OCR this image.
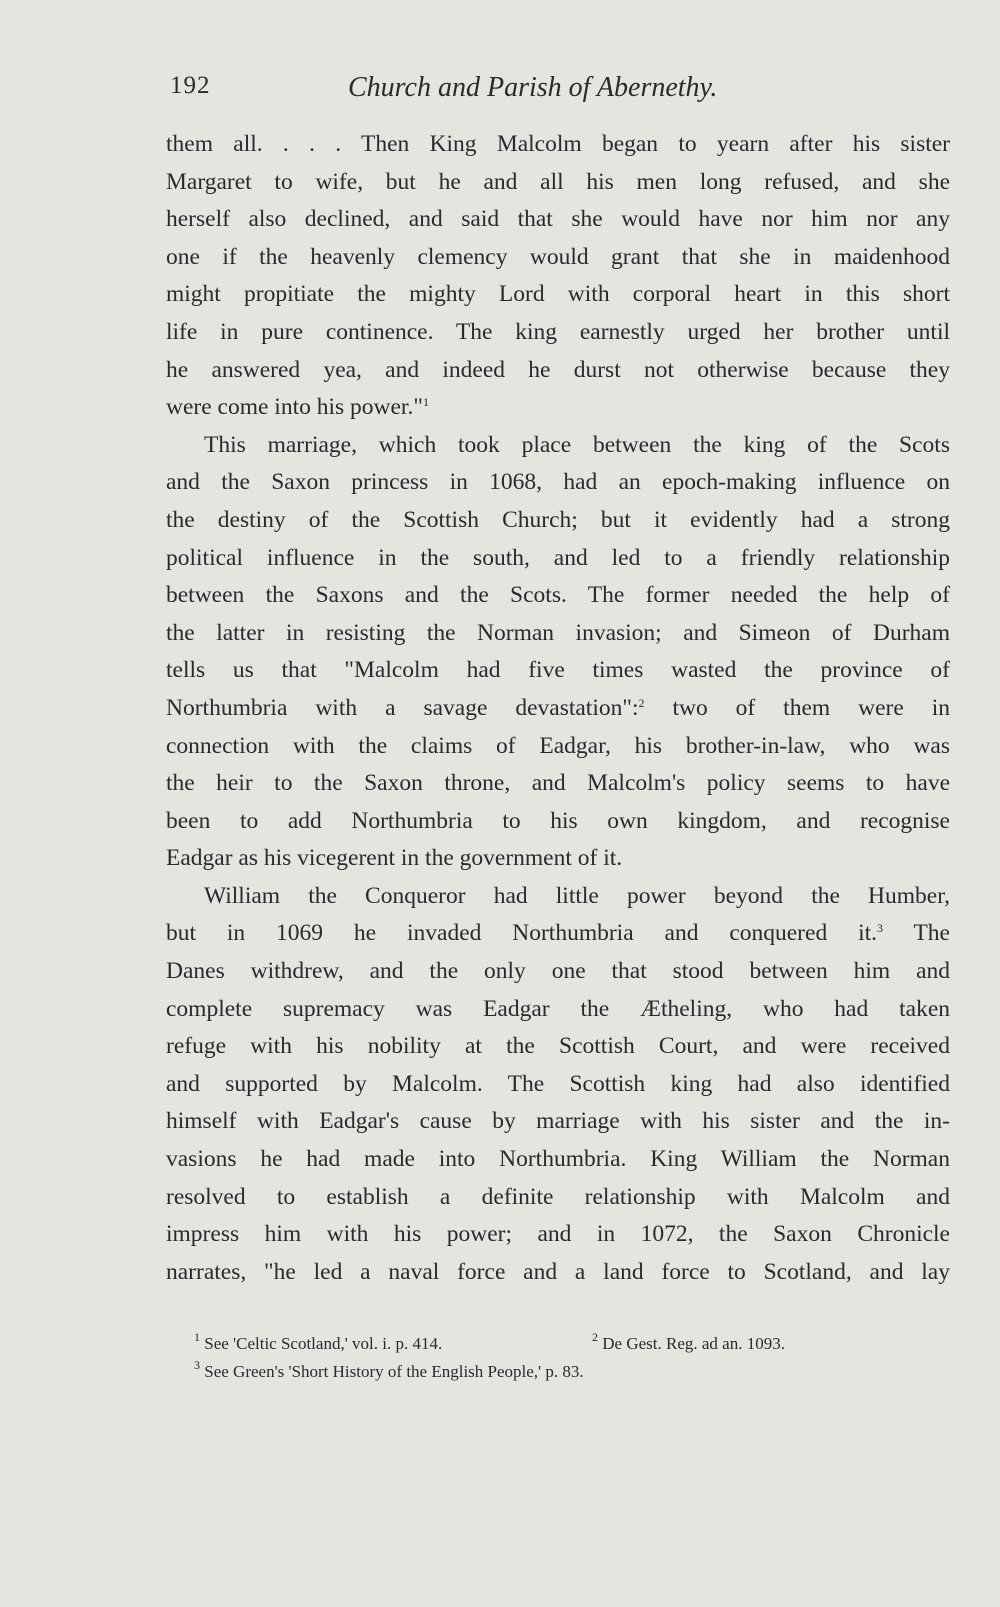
192	Church and Parish of Abernethy.
them all. . . . Then King Malcolm began to yearn after his sister
Margaret to wife, but he and all his men long refused, and she
herself also declined, and said that she would have nor him nor any
one if the heavenly clemency would grant that she in maidenhood
might propitiate the mighty Lord with corporal heart in this short
life in pure continence. The king earnestly urged her brother until
he answered yea, and indeed he durst not otherwise because they
were come into his power."$^1$
This marriage, which took place between the king of the Scots
and the Saxon princess in 1068, had an epoch-making influence on
the destiny of the Scottish Church; but it evidently had a strong
political influence in the south, and led to a friendly relationship
between the Saxons and the Scots. The former needed the help of
the latter in resisting the Norman invasion; and Simeon of Durham
tells us that "Malcolm had five times wasted the province of
Northumbria with a savage devastation":$^2$ two of them were in
connection with the claims of Eadgar, his brother-in-law, who was
the heir to the Saxon throne, and Malcolm's policy seems to have
been to add Northumbria to his own kingdom, and recognise
Eadgar as his vicegerent in the government of it.
William the Conqueror had little power beyond the Humber,
but in 1069 he invaded Northumbria and conquered it.$^3$ The
Danes withdrew, and the only one that stood between him and
complete supremacy was Eadgar the Ætheling, who had taken
refuge with his nobility at the Scottish Court, and were received
and supported by Malcolm. The Scottish king had also identified
himself with Eadgar's cause by marriage with his sister and the in-
vasions he had made into Northumbria. King William the Norman
resolved to establish a definite relationship with Malcolm and
impress him with his power; and in 1072, the Saxon Chronicle
narrates, "he led a naval force and a land force to Scotland, and lay
$^1$ See 'Celtic Scotland,' vol. i. p. 414.	$^2$ De Gest. Reg. ad an. 1093.
$^3$ See Green's 'Short History of the English People,' p. 83.
